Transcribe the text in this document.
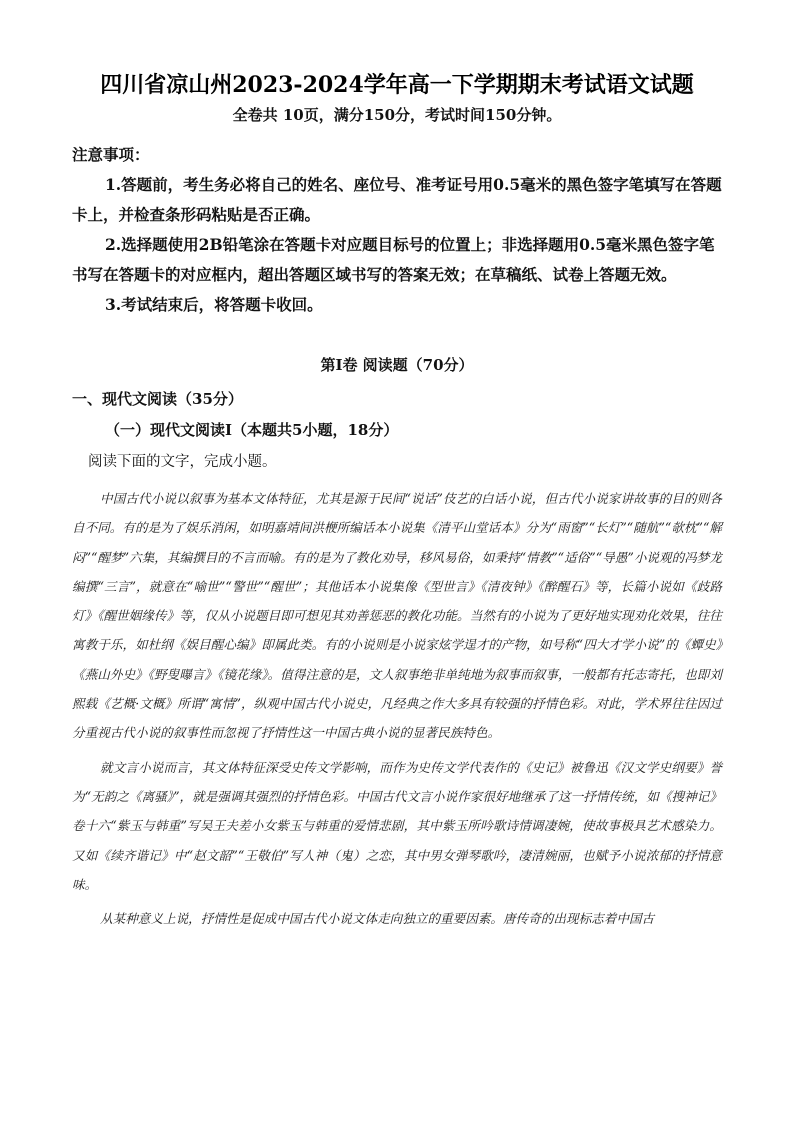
四川省凉山州2023-2024学年高一下学期期末考试语文试题
全卷共 10页，满分150分，考试时间150分钟。

注意事项：

1.答题前，考生务必将自己的姓名、座位号、准考证号用0.5毫米的黑色签字笔填写在答题卡上，并检查条形码粘贴是否正确。

2.选择题使用2B铅笔涂在答题卡对应题目标号的位置上；非选择题用0.5毫米黑色签字笔书写在答题卡的对应框内，超出答题区域书写的答案无效；在草稿纸、试卷上答题无效。

3.考试结束后，将答题卡收回。

第Ⅰ卷 阅读题（70分）
一、现代文阅读（35分）
（一）现代文阅读Ⅰ（本题共5小题，18分）
阅读下面的文字，完成小题。

中国古代小说以叙事为基本文体特征，尤其是源于民间“说话”伎艺的白话小说，但古代小说家讲故事的目的则各自不同。有的是为了娱乐消闲，如明嘉靖间洪楩所编话本小说集《清平山堂话本》分为“雨窗”“长灯”“随航”“欹枕”“解闷”“醒梦”六集，其编撰目的不言而喻。有的是为了教化劝导，移风易俗，如秉持“情教”“适俗”“导愚”小说观的冯梦龙编撰“三言”，就意在“喻世”“警世”“醒世”；其他话本小说集像《型世言》《清夜钟》《醉醒石》等，长篇小说如《歧路灯》《醒世姻缘传》等，仅从小说题目即可想见其劝善惩恶的教化功能。当然有的小说为了更好地实现劝化效果，往往寓教于乐，如杜纲《娱目醒心编》即属此类。有的小说则是小说家炫学逞才的产物，如号称“四大才学小说”的《蟫史》《燕山外史》《野叟曝言》《镜花缘》。值得注意的是，文人叙事绝非单纯地为叙事而叙事，一般都有托志寄托，也即刘熙载《艺概·文概》所谓“寓情”，纵观中国古代小说史，凡经典之作大多具有较强的抒情色彩。对此，学术界往往因过分重视古代小说的叙事性而忽视了抒情性这一中国古典小说的显著民族特色。

就文言小说而言，其文体特征深受史传文学影响，而作为史传文学代表作的《史记》被鲁迅《汉文学史纲要》誉为“无韵之《离骚》”，就是强调其强烈的抒情色彩。中国古代文言小说作家很好地继承了这一抒情传统，如《搜神记》卷十六“紫玉与韩重”写吴王夫差小女紫玉与韩重的爱情悲剧，其中紫玉所吟歌诗情调凄婉，使故事极具艺术感染力。又如《续齐谐记》中“赵文韶”“王敬伯”写人神（鬼）之恋，其中男女弹琴歌吟，凄清婉丽，也赋予小说浓郁的抒情意味。

从某种意义上说，抒情性是促成中国古代小说文体走向独立的重要因素。唐传奇的出现标志着中国古
